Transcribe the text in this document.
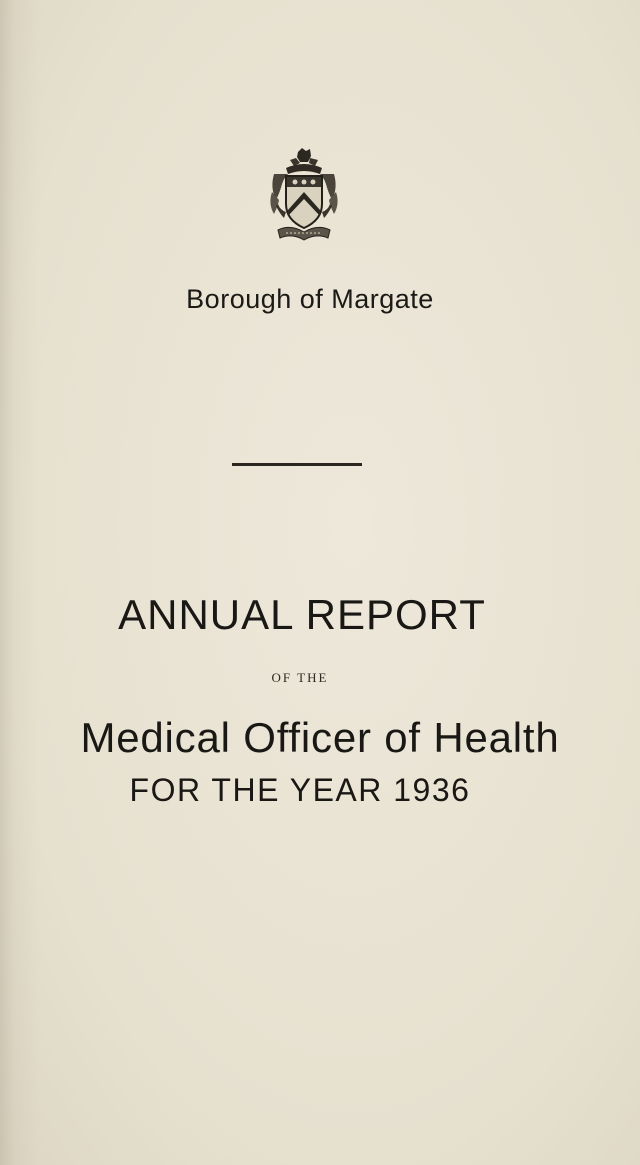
Borough of Margate
ANNUAL REPORT
OF THE
Medical Officer of Health
FOR THE YEAR 1936
